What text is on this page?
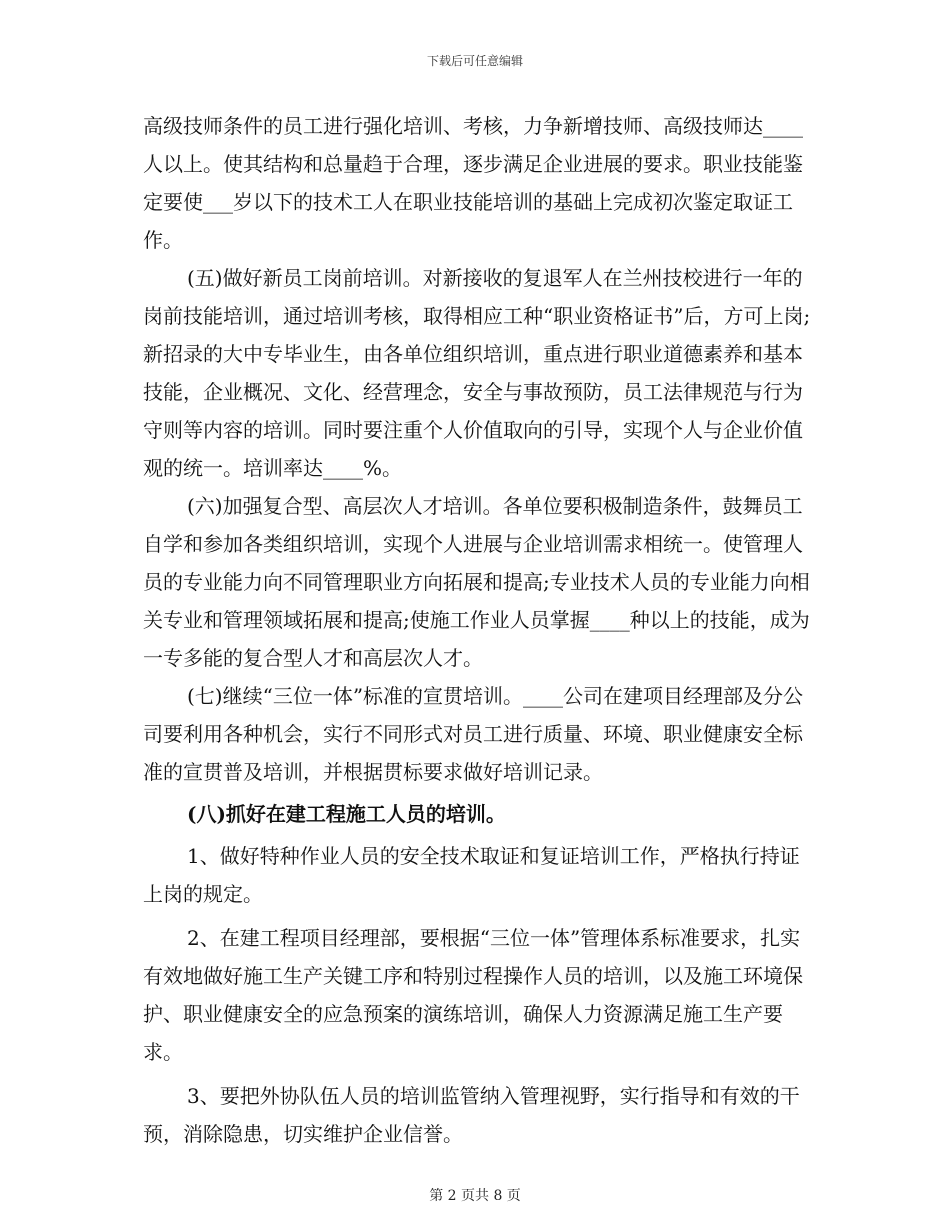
下载后可任意编辑

高级技师条件的员工进行强化培训、考核，力争新增技师、高级技师达____人以上。使其结构和总量趋于合理，逐步满足企业进展的要求。职业技能鉴定要使___岁以下的技术工人在职业技能培训的基础上完成初次鉴定取证工作。

(五)做好新员工岗前培训。对新接收的复退军人在兰州技校进行一年的岗前技能培训，通过培训考核，取得相应工种“职业资格证书”后，方可上岗;新招录的大中专毕业生，由各单位组织培训，重点进行职业道德素养和基本技能，企业概况、文化、经营理念，安全与事故预防，员工法律规范与行为守则等内容的培训。同时要注重个人价值取向的引导，实现个人与企业价值观的统一。培训率达____%。

(六)加强复合型、高层次人才培训。各单位要积极制造条件，鼓舞员工自学和参加各类组织培训，实现个人进展与企业培训需求相统一。使管理人员的专业能力向不同管理职业方向拓展和提高;专业技术人员的专业能力向相关专业和管理领域拓展和提高;使施工作业人员掌握____种以上的技能，成为一专多能的复合型人才和高层次人才。

(七)继续“三位一体”标准的宣贯培训。____公司在建项目经理部及分公司要利用各种机会，实行不同形式对员工进行质量、环境、职业健康安全标准的宣贯普及培训，并根据贯标要求做好培训记录。

(八)抓好在建工程施工人员的培训。

1、做好特种作业人员的安全技术取证和复证培训工作，严格执行持证上岗的规定。

2、在建工程项目经理部，要根据“三位一体”管理体系标准要求，扎实有效地做好施工生产关键工序和特别过程操作人员的培训，以及施工环境保护、职业健康安全的应急预案的演练培训，确保人力资源满足施工生产要求。

3、要把外协队伍人员的培训监管纳入管理视野，实行指导和有效的干预，消除隐患，切实维护企业信誉。

第 2 页共 8 页
